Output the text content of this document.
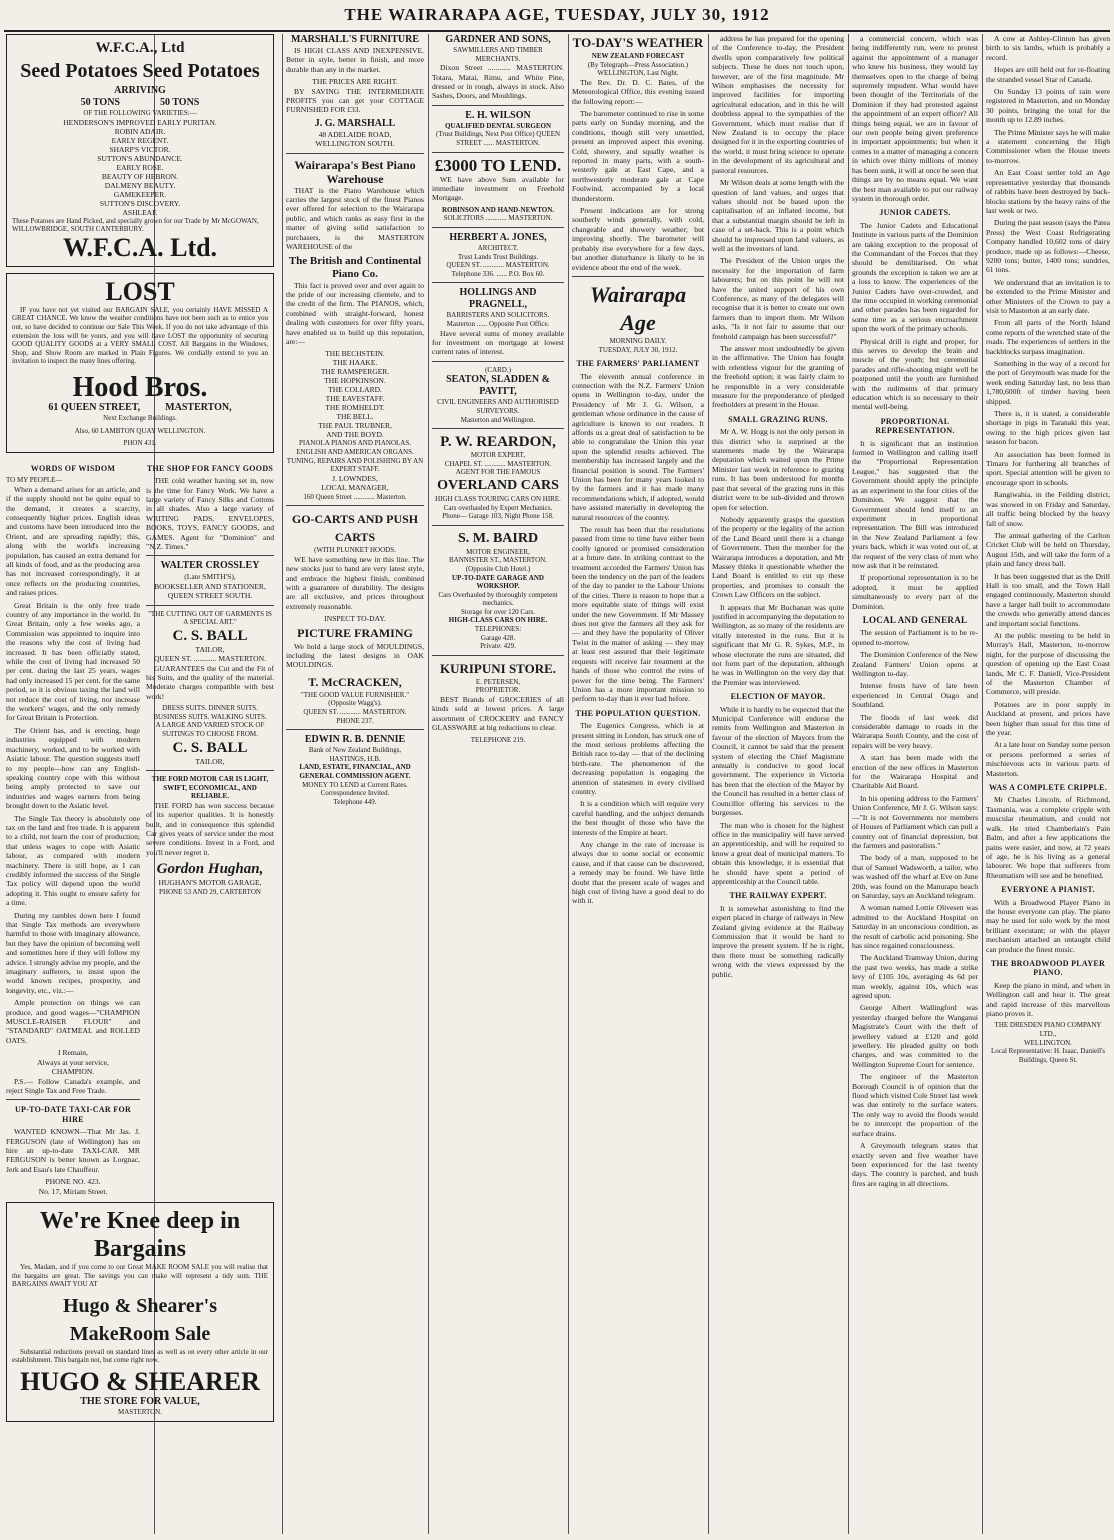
THE WAIRARAPA AGE, TUESDAY, JULY 30, 1912
W.F.C.A., Ltd
Seed Potatoes Seed Potatoes
ARRIVING
50 TONS                50 TONS
OF THE FOLLOWING VARIETIES:—
HENDERSON'S IMPROVED EARLY PURITAN.
ROBIN ADAIR.
EARLY REGENT.
SHARP'S VICTOR.
SUTTON'S ABUNDANCE.
EARLY ROSE.
BEAUTY OF HEBRON.
DALMENY BEAUTY.
GAMEKEEPER.
SUTTON'S DISCOVERY.
ASHLEAF.
These Potatoes are Hand Picked, and specially grown for our Trade by Mr McGOWAN, WILLOWBRIDGE, SOUTH CANTERBURY.
W.F.C.A. Ltd.
LOST

IF you have not yet visited our BARGAIN SALE, you certainly HAVE MISSED A GREAT CHANCE. We know the weather conditions have not been such as to entice you out, so have decided to continue our Sale This Week. If you do not take advantage of this extension the loss will be yours, and you will have LOST the opportunity of securing GOOD QUALITY GOODS at a VERY SMALL COST. All Bargains in the Windows, Shop, and Show Room are marked in Plain Figures. We cordially extend to you an invitation to inspect the many lines offering.

Hood Bros.
61 QUEEN STREET,          MASTERTON,
Next Exchange Buildings.
Also, 60 LAMBTON QUAY WELLINGTON.
PHON 431.
WORDS OF WISDOM
TO MY PEOPLE—

When a demand arises for an article, and if the supply should not be quite equal to the demand, it creates a scarcity, consequently higher prices. English ideas and customs have been introduced into the Orient, and are spreading rapidly; this, along with the world's increasing population, has caused an extra demand for all kinds of food, and as the producing area has not increased correspondingly, it at once reflects on the producing countries, and raises prices.

Great Britain is the only free trade country of any importance in the world. In Great Britain, only a few weeks ago, a Commission was appointed to inquire into the reasons why the cost of living had increased. It has been officially stated, while the cost of living had increased 50 per cent. during the last 25 years, wages had only increased 15 per cent. for the same period, so it is obvious taxing the land will not reduce the cost of living, nor increase the workers' wages, and the only remedy for Great Britain is Protection.

The Orient has, and is erecting, huge industries equipped with modern machinery, worked, and to be worked with Asiatic labour. The question suggests itself to my people—how can any English-speaking country cope with this without being amply protected to save our industries and wages earners from being brought down to the Asiatic level.

The Single Tax theory is absolutely one tax on the land and free trade. It is apparent to a child, not learn the cost of production; that unless wages to cope with Asiatic labour, as compared with modern machinery. There is still hope, as I can credibly informed the success of the Single Tax policy will depend upon the world adopting it. This ought to ensure safety for a time.

During my rambles down here I found that Single Tax methods are everywhere harmful to those with imaginary allowance, but they have the opinion of becoming well and sometimes here if they will follow my advice. I strongly advise my people, and the imaginary sufferers, to insist upon the world known recipes, prosperity, and longevity, etc., viz.:—

Ample protection on things we can produce, and good wages—"CHAMPION MUSCLE-RAISER FLOUR" and "STANDARD" OATMEAL and ROLLED OATS.

I Remain,
Always at your service,
CHAMPION.

P.S.— Follow Canada's example, and reject Single Tax and Free Trade.

UP-TO-DATE TAXI-CAR FOR HIRE

WANTED KNOWN—That Mr Jas. J. FERGUSON (late of Wellington) has on hire an up-to-date TAXI-CAR. MR FERGUSON is better known as Lorgnac, Jerk and Esau's late Chauffeur.

PHONE NO. 423.
No. 17, Miriam Street.
THE SHOP FOR FANCY GOODS

THE cold weather having set in, now is the time for Fancy Work. We have a large variety of Fancy Silks and Cottons in all shades. Also a large variety of WRITING PADS, ENVELOPES, BOOKS, TOYS, FANCY GOODS, and GAMES. Agent for "Dominion" and "N.Z. Times."

WALTER CROSSLEY
(Late SMITH'S),
BOOKSELLER AND STATIONER,
QUEEN STREET SOUTH.
"THE CUTTING OUT OF GARMENTS IS A SPECIAL ART."
C. S. BALL
TAILOR,
QUEEN ST. ............ MASTERTON.

GUARANTEES the Cut and the Fit of his Suits, and the quality of the material. Moderate charges compatible with best work!

DRESS SUITS. DINNER SUITS. BUSINESS SUITS. WALKING SUITS.
A LARGE AND VARIED STOCK OF SUITINGS TO CHOOSE FROM.
C. S. BALL
TAILOR,
THE FORD MOTOR CAR IS LIGHT, SWIFT, ECONOMICAL, AND RELIABLE.

THE FORD has won success because of its superior qualities. It is honestly built, and in consequence this splendid Car gives years of service under the most severe conditions. Invest in a Ford, and you'll never regret it.

Gordon Hughan,
HUGHAN'S MOTOR GARAGE,
PHONE 53 AND 29, CARTERTON
We're Knee deep in Bargains

Yes, Madam, and if you come to our Great MAKE ROOM SALE you will realise that the bargains are great. The savings you can make will represent a tidy sum. THE BARGAINS AWAIT YOU AT

Hugo & Shearer's
MakeRoom Sale

Substantial reductions prevail on standard lines as well as on every other article in our establishment. This bargain not, but come right now.

HUGO & SHEARER
THE STORE FOR VALUE,
MASTERTON.
MARSHALL'S FURNITURE

IS HIGH CLASS AND INEXPENSIVE. Better in style, better in finish, and more durable than any in the market.

THE PRICES ARE RIGHT.

BY SAVING THE INTERMEDIATE PROFITS you can get your COTTAGE FURNISHED FOR £33.

J. G. MARSHALL
48 ADELAIDE ROAD,
WELLINGTON SOUTH.
Wairarapa's Best Piano Warehouse

THAT is the Piano Warehouse which carries the largest stock of the finest Pianos ever offered for selection to the Wairarapa public, and which ranks as easy first in the matter of giving solid satisfaction to purchasers, is the MASTERTON WAREHOUSE of the

The British and Continental Piano Co.

This fact is proved over and over again to the pride of our increasing clientele, and to the credit of the firm. The PIANOS, which, combined with straight-forward, honest dealing with customers for over fifty years, have enabled us to build up this reputation, are:—

THE BECHSTEIN.
THE HAAKE.
THE RAMSPERGER.
THE HOPKINSON.
THE COLLARD.
THE EAVESTAFF.
THE ROMHELDT.
THE BELL.
THE PAUL TRUBNER,
AND THE BOYD.
PIANOLA PIANOS AND PIANOLAS.
ENGLISH AND AMERICAN ORGANS.
TUNING, REPAIRS AND POLISHING BY AN EXPERT STAFF.
J. LOWNDES,
LOCAL MANAGER,
160 Queen Street ............ Masterton.
GO-CARTS AND PUSH CARTS
(WITH PLUNKET HOODS.

WE have something new in this line. The new stocks just to hand are very latest style, and embrace the highest finish, combined with a guarantee of durability. The designs are all exclusive, and prices throughout extremely reasonable.

INSPECT TO-DAY.
PICTURE FRAMING

We hold a large stock of MOULDINGS, including the latest designs in OAK MOULDINGS.

T. McCRACKEN,
"THE GOOD VALUE FURNISHER."
(Opposite Wagg's).
QUEEN ST. ............ MASTERTON.
PHONE 237.
EDWIN R. B. DENNIE
Bank of New Zealand Buildings,
HASTINGS, H.B.
LAND, ESTATE, FINANCIAL, AND GENERAL COMMISSION AGENT.
MONEY TO LEND at Current Rates.
Correspondence Invited.
Telephone 449.
GARDNER AND SONS,
SAWMILLERS AND TIMBER MERCHANTS.

Dixon Street ............ MASTERTON. Totara, Matai, Rimu, and White Pine, dressed or in rough, always in stock. Also Sashes, Doors, and Mouldings.

E. H. WILSON
QUALIFIED DENTAL SURGEON
(Trust Buildings, Next Post Office) QUEEN STREET ...... MASTERTON.
£3000 TO LEND.

WE have above Sum available for immediate investment on Freehold Mortgage.

ROBINSON AND HAND-NEWTON.
SOLICITORS ............ MASTERTON.
HERBERT A. JONES,
ARCHITECT.
Trust Lands Trust Buildings.
QUEEN ST. ............ MASTERTON.
Telephone 336. ...... P.O. Box 60.
HOLLINGS AND PRAGNELL,
BARRISTERS AND SOLICITORS.
Masterton ...... Opposite Post Office.

Have several sums of money available for investment on mortgage at lowest current rates of interest.

(CARD.)
SEATON, SLADDEN & PAVITT,
CIVIL ENGINEERS AND AUTHORISED SURVEYORS.
Masterton and Wellington.
P. W. REARDON,
MOTOR EXPERT,
CHAPEL ST. ............ MASTERTON.
AGENT FOR THE FAMOUS
OVERLAND CARS
HIGH CLASS TOURING CARS ON HIRE.
Cars overhauled by Expert Mechanics.
Phone— Garage 103, Night Phone 158.
S. M. BAIRD
MOTOR ENGINEER,
BANNISTER ST., MASTERTON.
(Opposite Club Hotel.)
UP-TO-DATE GARAGE AND WORKSHOP.
Cars Overhauled by thoroughly competent mechanics.
Storage for over 120 Cars.
HIGH-CLASS CARS ON HIRE.
TELEPHONES:
Garage 428.
Private: 429.
KURIPUNI STORE.
E. PETERSEN,
PROPRIETOR.

BEST Brands of GROCERIES of all kinds sold at lowest prices. A large assortment of CROCKERY and FANCY GLASSWARE at big reductions to clear.

TELEPHONE 219.
TO-DAY'S WEATHER
NEW ZEALAND FORECAST
(By Telegraph—Press Association.)
WELLINGTON, Last Night.

The Rev. Dr. D. C. Bates, of the Meteorological Office, this evening issued the following report:—

The barometer continued to rise in some parts early on Sunday morning, and the conditions, though still very unsettled, present an improved aspect this evening. Cold, showery, and squally weather is reported in many parts, with a south-westerly gale at East Cape, and a northwesterly moderate gale at Cape Foulwind, accompanied by a local thunderstorm.

Present indications are for strong southerly winds generally, with cold, changeable and showery weather; but improving shortly. The barometer will probably rise everywhere for a few days, but another disturbance is likely to be in evidence about the end of the week.

Wairarapa Age
MORNING DAILY.
TUESDAY, JULY 30, 1912.
THE FARMERS' PARLIAMENT

The eleventh annual conference in connection with the N.Z. Farmers' Union opens in Wellington to-day, under the Presidency of Mr J. G. Wilson, a gentleman whose ordinance in the cause of agriculture is known to our readers. It affords us a great deal of satisfaction to be able to congratulate the Union this year upon the splendid results achieved. The membership has increased largely and the financial position is sound. The Farmers' Union has been for many years looked to by the farmers and it has made many recommendations which, if adopted, would have assisted materially in developing the natural resources of the country.

The result has been that the resolutions passed from time to time have either been coolly ignored or promised consideration at a future date. In striking contrast to the treatment accorded the Farmers' Union has been the tendency on the part of the leaders of the day to pander to the Labour Unions of the cities. There is reason to hope that a more equitable state of things will exist under the new Government. If Mr Massey does not give the farmers all they ask for — and they have the popularity of Oliver Twist in the matter of asking — they may at least rest assured that their legitimate requests will receive fair treatment at the hands of those who control the reins of power for the time being. The Farmers' Union has a more important mission to perform to-day than it ever had before.

THE POPULATION QUESTION.

The Eugenics Congress, which is at present sitting in London, has struck one of the most serious problems affecting the British race to-day — that of the declining birth-rate. The phenomenon of the decreasing population is engaging the attention of statesmen in every civilised country.

It is a condition which will require very careful handling, and the subject demands the best thought of those who have the interests of the Empire at heart.

Any change in the rate of increase is always due to some social or economic cause, and if that cause can be discovered, a remedy may be found. We have little doubt that the present scale of wages and high cost of living have a good deal to do with it.

address he has prepared for the opening of the Conference to-day, the President dwells upon comparatively few political subjects. These he does not touch upon, however, are of the first magnitude. Mr Wilson emphasises the necessity for improved facilities for importing agricultural education, and in this he will doubtless appeal to the sympathies of the Government, which must realise that if New Zealand is to occupy the place designed for it in the exporting countries of the world, it must bring science to operate in the development of its agricultural and pastoral resources.

Mr Wilson deals at some length with the question of land values, and urges that values should not be based upon the capitalisation of an inflated income, but that a substantial margin should be left in case of a set-back. This is a point which should be impressed upon land valuers, as well as the investors of land.

The President of the Union urges the necessity for the importation of farm labourers; but on this point he will not have the united support of his own Conference, as many of the delegates will recognise that it is better to create our own farmers than to import them. Mr Wilson asks, "Is it not fair to assume that our freehold campaign has been successful?"

The answer most undoubtedly be given in the affirmative. The Union has fought with relentless vigour for the granting of the freehold option; it was fairly claim to be responsible in a very considerable measure for the preponderance of pledged freeholders at present in the House.

SMALL GRAZING RUNS.

Mr A. W. Hogg is not the only person in this district who is surprised at the statements made by the Wairarapa deputation which waited upon the Prime Minister last week in reference to grazing runs. It has been understood for months past that several of the grazing runs in this district were to be sub-divided and thrown open for selection.

Nobody apparently grasps the question of the property or the legality of the action of the Land Board until there is a change of Government. Then the member for the Wairarapa introduces a deputation, and Mr Massey thinks it questionable whether the Land Board is entitled to cut up these properties, and promises to consult the Crown Law Officers on the subject.

It appears that Mr Buchanan was quite justified in accompanying the deputation to Wellington, as so many of the residents are vitally interested in the runs. But it is significant that Mr G. R. Sykes, M.P., in whose electorate the runs are situated, did not form part of the deputation, although he was in Wellington on the very day that the Premier was interviewed.

ELECTION OF MAYOR.

While it is hardly to be expected that the Municipal Conference will endorse the remits from Wellington and Masterton in favour of the election of Mayors from the Council, it cannot be said that the present system of electing the Chief Magistrate annually is conducive to good local government. The experience in Victoria has been that the election of the Mayor by the Council has resulted in a better class of Councillor offering his services to the burgesses.

The man who is chosen for the highest office in the municipality will have served an apprenticeship, and will be required to know a great deal of municipal matters. To obtain this knowledge, it is essential that he should have spent a period of apprenticeship at the Council table.

THE RAILWAY EXPERT.

It is somewhat astonishing to find the expert placed in charge of railways in New Zealand giving evidence at the Railway Commission that it would be hard to improve the present system. If he is right, then there must be something radically wrong with the views expressed by the public.

a commercial concern, which was being indifferently run, were to protest against the appointment of a manager who knew his business, they would lay themselves open to the charge of being supremely impudent. What would have been thought of the Territorials of the Dominion if they had protested against the appointment of an expert officer? All things being equal, we are in favour of our own people being given preference in important appointments; but when it comes to a matter of managing a concern in which over thirty millions of money has been sunk, it will at once be seen that things are by no means equal. We want the best man available to put our railway system in thorough order.

JUNIOR CADETS.

The Junior Cadets and Educational Institute in various parts of the Dominion are taking exception to the proposal of the Commandant of the Forces that they should be demilitarised. On what grounds the exception is taken we are at a loss to know. The experiences of the Junior Cadets have over-crowded, and the time occupied in working ceremonial and other parades has been regarded for some time as a serious encroachment upon the work of the primary schools.

Physical drill is right and proper, for this serves to develop the brain and muscle of the youth; but ceremonial parades and rifle-shooting might well be postponed until the youth are furnished with the rudiments of that primary education which is so necessary to their mental well-being.

PROPORTIONAL REPRESENTATION.

It is significant that an institution formed in Wellington and calling itself the "Proportional Representation League," has suggested that the Government should apply the principle as an experiment to the four cities of the Dominion. We suggest that the Government should lend itself to an experiment in proportional representation. The Bill was introduced in the New Zealand Parliament a few years back, which it was voted out of, at the request of the very class of men who now ask that it be reinstated.

If proportional representation is to be adopted, it must be applied simultaneously to every part of the Dominion.

LOCAL AND GENERAL

The session of Parliament is to be re-opened to-morrow.

The Dominion Conference of the New Zealand Farmers' Union opens at Wellington to-day.

Intense frosts have of late been experienced in Central Otago and Southland.

The floods of last week did considerable damage to roads in the Wairarapa South County, and the cost of repairs will be very heavy.

A start has been made with the erection of the new offices in Masterton for the Wairarapa Hospital and Charitable Aid Board.

In his opening address to the Farmers' Union Conference, Mr J. G. Wilson says:—"It is not Governments nor members of Houses of Parliament which can pull a country out of financial depression, but the farmers and pastoralists."

The body of a man, supposed to be that of Samuel Wadsworth, a tailor, who was washed off the wharf at Eve on June 20th, was found on the Manurapu beach on Saturday, says an Auckland telegram.

A woman named Lottie Olivesen was admitted to the Auckland Hospital on Saturday in an unconscious condition, as the result of carbolic acid poisoning. She has since regained consciousness.

The Auckland Tramway Union, during the past two weeks, has made a strike levy of £105 10s, averaging 4s 6d per man weekly, against 10s, which was agreed upon.

George Albert Wallingford was yesterday charged before the Wanganui Magistrate's Court with the theft of jewellery valued at £120 and gold jewellery. He pleaded guilty on both charges, and was committed to the Wellington Supreme Court for sentence.

The engineer of the Masterton Borough Council is of opinion that the flood which visited Cole Street last week was due entirely to the surface waters. The only way to avoid the floods would be to intercept the proportion of the surface drains.

A Greymouth telegram states that exactly seven and five weather have been experienced for the last twenty days. The country is parched, and bush fires are raging in all directions.

A cow at Ashley-Clinton has given birth to six lambs, which is probably a record.

Hopes are still held out for re-floating the stranded vessel Star of Canada.

On Sunday 13 points of rain were registered in Masterton, and on Monday 30 points, bringing the total for the month up to 12.89 inches.

The Prime Minister says he will make a statement concerning the High Commissioner when the House meets to-morrow.

An East Coast settler told an Age representative yesterday that thousands of rabbits have been destroyed by back-blocks stations by the heavy rains of the last week or two.

During the past season (says the Patea Press) the West Coast Refrigerating Company handled 10,602 tons of dairy produce, made up as follows:—Cheese, 9200 tons; butter, 1400 tons; sundries, 61 tons.

We understand that an invitation is to be extended to the Prime Minister and other Ministers of the Crown to pay a visit to Masterton at an early date.

From all parts of the North Island come reports of the wretched state of the roads. The experiences of settlers in the backblocks surpass imagination.

Something in the way of a record for the port of Greymouth was made for the week ending Saturday last, no less than 1,780,600ft of timber having been shipped.

There is, it is stated, a considerable shortage in pigs in Taranaki this year, owing to the high prices given last season for bacon.

An association has been formed in Timaru for furthering all branches of sport. Special attention will be given to encourage sport in schools.

Rangiwahia, in the Feilding district, was snowed in on Friday and Saturday, all traffic being blocked by the heavy fall of snow.

The annual gathering of the Carlton Cricket Club will be held on Thursday, August 15th, and will take the form of a plain and fancy dress ball.

It has been suggested that as the Drill Hall is too small, and the Town Hall engaged continuously, Masterton should have a larger hall built to accommodate the crowds who generally attend dances and important social functions.

At the public meeting to be held in Murray's Hall, Masterton, to-morrow night, for the purpose of discussing the question of opening up the East Coast lands, Mr C. F. Daniell, Vice-President of the Masterton Chamber of Commerce, will preside.

Potatoes are in poor supply in Auckland at present, and prices have been higher than usual for this time of the year.

At a late hour on Sunday some person or persons performed a series of mischievous acts in various parts of Masterton.

WAS A COMPLETE CRIPPLE.

Mr Charles Lincoln, of Richmond, Tasmania, was a complete cripple with muscular rheumatism, and could not walk. He tried Chamberlain's Pain Balm, and after a few applications the pains were easier, and now, at 72 years of age, he is his living as a general labourer. We hope that sufferers from Rheumatism will see and be benefited.

EVERYONE A PIANIST.

With a Broadwood Player Piano in the house everyone can play. The piano may be used for solo work by the most brilliant executant; or with the player mechanism attached an untaught child can produce the finest music.

THE BROADWOOD PLAYER PIANO.

Keep the piano in mind, and when in Wellington call and hear it. The great and rapid increase of this marvellous piano proves it.

THE DRESDEN PIANO COMPANY LTD.,
WELLINGTON.
Local Representative: H. Isaac, Daniell's Buildings, Queen St.
